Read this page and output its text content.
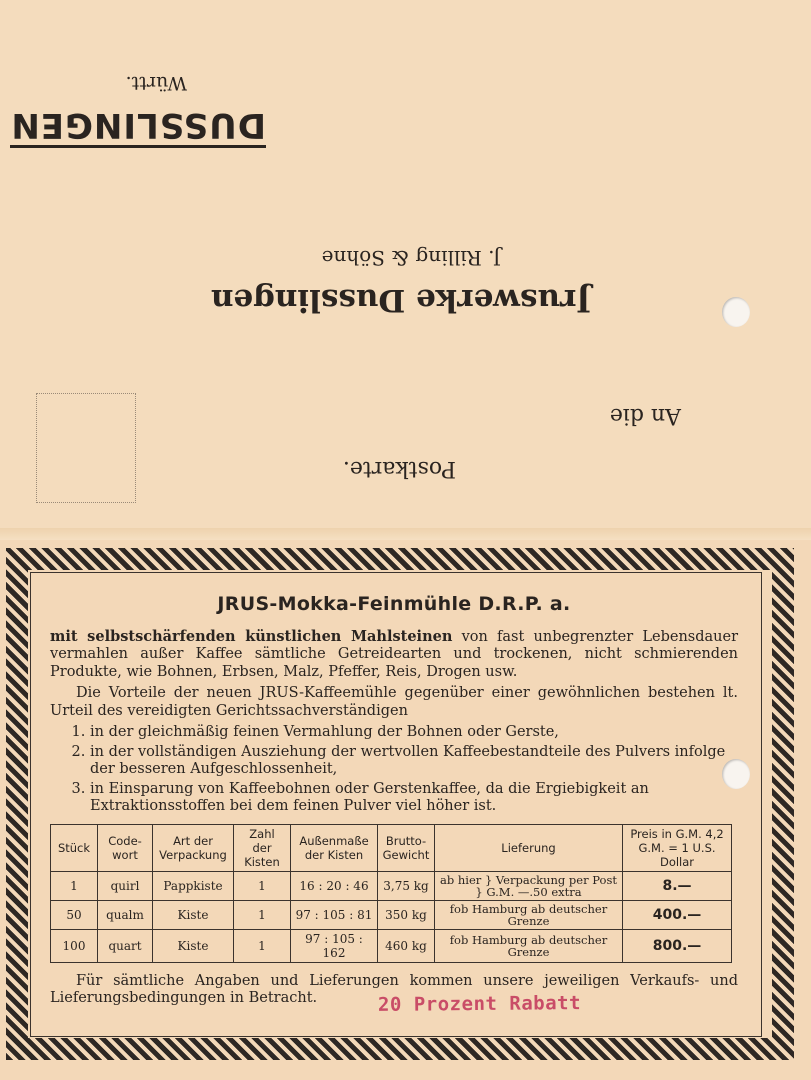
DUSSLINGEN
Württ.
Jruswerke Dusslingen
J. Rilling & Söhne
An die
Postkarte.
JRUS-Mokka-Feinmühle D.R.P. a.

mit selbstschärfenden künstlichen Mahlsteinen von fast unbegrenzter Lebensdauer vermahlen außer Kaffee sämtliche Getreidearten und trockenen, nicht schmierenden Produkte, wie Bohnen, Erbsen, Malz, Pfeffer, Reis, Drogen usw.

Die Vorteile der neuen JRUS-Kaffeemühle gegenüber einer gewöhnlichen bestehen lt. Urteil des vereidigten Gerichtssachverständigen

1. in der gleichmäßig feinen Vermahlung der Bohnen oder Gerste,
2. in der vollständigen Ausziehung der wertvollen Kaffeebestandteile des Pulvers infolge der besseren Aufgeschlossenheit,
3. in Einsparung von Kaffeebohnen oder Gerstenkaffee, da die Ergiebigkeit an Extraktionsstoffen bei dem feinen Pulver viel höher ist.
Stück	Code-wort	Art der Verpackung	Zahl der Kisten	Außenmaße der Kisten	Brutto-Gewicht	Lieferung	Preis in G.M. 4,2 G.M. = 1 U.S. Dollar
1	quirl	Pappkiste	1	16 : 20 : 46	3,75 kg	ab hier } Verpackung per Post } G.M. —.50 extra	8.—
50	qualm	Kiste	1	97 : 105 : 81	350 kg	fob Hamburg ab deutscher Grenze	400.—
100	quart	Kiste	1	97 : 105 : 162	460 kg	fob Hamburg ab deutscher Grenze	800.—

Für sämtliche Angaben und Lieferungen kommen unsere jeweiligen Verkaufs- und Lieferungsbedingungen in Betracht.	20 Prozent Rabatt
